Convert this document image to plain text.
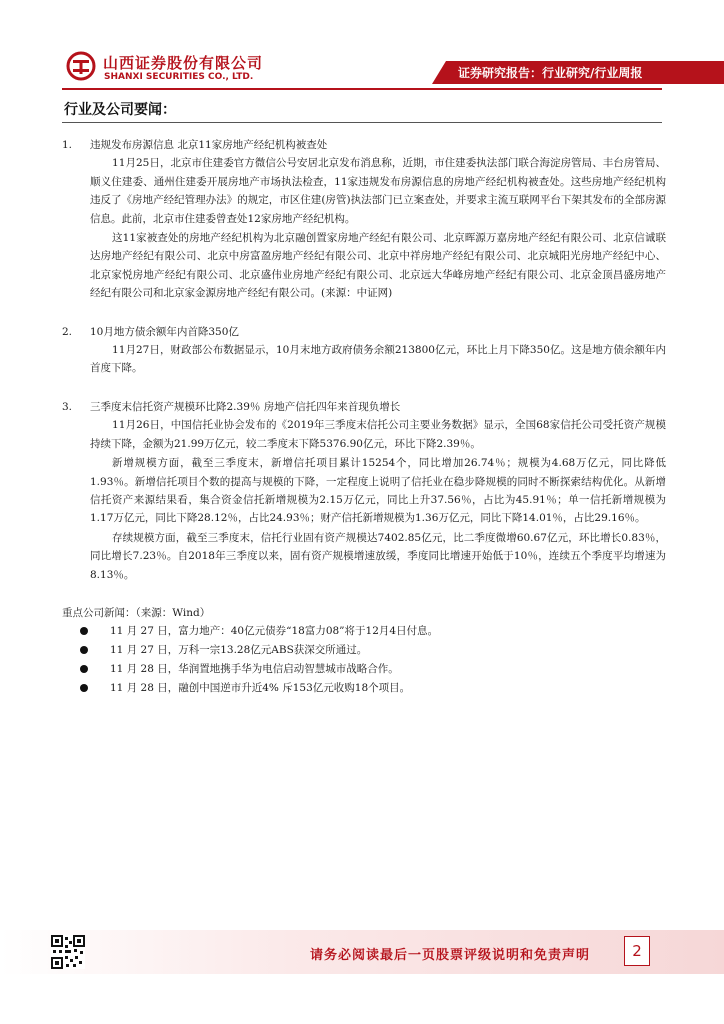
山西证券股份有限公司
SHANXI SECURITIES CO., LTD.	证券研究报告：行业研究/行业周报
行业及公司要闻：
1.	违规发布房源信息 北京11家房地产经纪机构被查处

11月25日，北京市住建委官方微信公号安居北京发布消息称，近期，市住建委执法部门联合海淀房管局、丰台房管局、顺义住建委、通州住建委开展房地产市场执法检查，11家违规发布房源信息的房地产经纪机构被查处。这些房地产经纪机构违反了《房地产经纪管理办法》的规定，市区住建(房管)执法部门已立案查处，并要求主流互联网平台下架其发布的全部房源信息。此前，北京市住建委曾查处12家房地产经纪机构。

这11家被查处的房地产经纪机构为北京融创置家房地产经纪有限公司、北京晖源万嘉房地产经纪有限公司、北京信诚联达房地产经纪有限公司、北京中房富盈房地产经纪有限公司、北京中祥房地产经纪有限公司、北京城阳光房地产经纪中心、北京家悦房地产经纪有限公司、北京盛伟业房地产经纪有限公司、北京远大华峰房地产经纪有限公司、北京金顶昌盛房地产经纪有限公司和北京家金源房地产经纪有限公司。(来源：中证网)

2.	10月地方债余额年内首降350亿

11月27日，财政部公布数据显示，10月末地方政府债务余额213800亿元，环比上月下降350亿。这是地方债余额年内首度下降。

3.	三季度末信托资产规模环比降2.39％ 房地产信托四年来首现负增长

11月26日，中国信托业协会发布的《2019年三季度末信托公司主要业务数据》显示，全国68家信托公司受托资产规模持续下降，金额为21.99万亿元，较二季度末下降5376.90亿元，环比下降2.39％。

新增规模方面，截至三季度末，新增信托项目累计15254个，同比增加26.74％；规模为4.68万亿元，同比降低1.93％。新增信托项目个数的提高与规模的下降，一定程度上说明了信托业在稳步降规模的同时不断探索结构优化。从新增信托资产来源结果看，集合资金信托新增规模为2.15万亿元，同比上升37.56％，占比为45.91％；单一信托新增规模为1.17万亿元，同比下降28.12％，占比24.93％；财产信托新增规模为1.36万亿元，同比下降14.01％，占比29.16％。

存续规模方面，截至三季度末，信托行业固有资产规模达7402.85亿元，比二季度微增60.67亿元，环比增长0.83％，同比增长7.23％。自2018年三季度以来，固有资产规模增速放缓，季度同比增速开始低于10％，连续五个季度平均增速为8.13％。

重点公司新闻：（来源：Wind）
11 月 27 日，富力地产：40亿元债券“18富力08”将于12月4日付息。
11 月 27 日，万科一宗13.28亿元ABS获深交所通过。
11 月 28 日，华润置地携手华为电信启动智慧城市战略合作。
11 月 28 日，融创中国逆市升近4% 斥153亿元收购18个项目。
请务必阅读最后一页股票评级说明和免责声明	2
